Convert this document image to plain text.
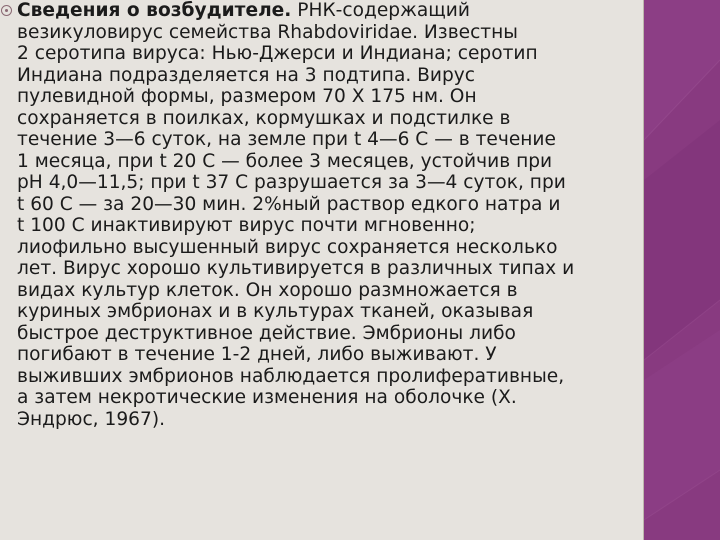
Сведения о возбудителе. РНК-содержащий
везикуловирус семейства Rhabdoviridae. Известны
2 серотипа вируса: Нью-Джерси и Индиана; серотип
Индиана подразделяется на 3 подтипа. Вирус
пулевидной формы, размером 70 Х 175 нм. Он
сохраняется в поилках, кормушках и подстилке в
течение 3—6 суток, на земле при t 4—6 C — в течение
1 месяца, при t 20 C — более 3 месяцев, устойчив при
pH 4,0—11,5; при t 37 C разрушается за 3—4 суток, при
t 60 C — за 20—30 мин. 2%ный раствор едкого натра и
t 100 C инактивируют вирус почти мгновенно;
лиофильно высушенный вирус сохраняется несколько
лет. Вирус хорошо культивируется в различных типах и
видах культур клеток. Он хорошо размножается в
куриных эмбрионах и в культурах тканей, оказывая
быстрое деструктивное действие. Эмбрионы либо
погибают в течение 1-2 дней, либо выживают. У
выживших эмбрионов наблюдается пролиферативные,
а затем некротические изменения на оболочке (Х.
Эндрюс, 1967).
